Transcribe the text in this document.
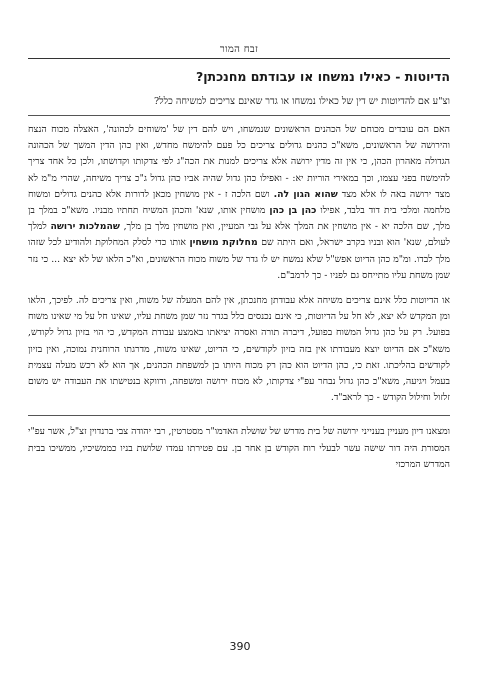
זבח המור
הדיוטות - כאילו נמשחו או עבודתם מחנכתן?

וצ"ע אם להדיוטות יש דין של כאילו נמשחו או גדר שאינם צריכים למשיחה כלל?

האם הם עובדים מכוחם של הכהנים הראשונים שנמשחו, ויש להם דין של 'משוחים לכהונה', האצלה מכוח הנצח והירושה של הראשונים, משא"כ כהנים גדולים צריכים כל פעם להימשח מחדש, ואין כהן הדין המשך של הכהונה הגדולה מאהרון הכהן, כי אין זה מדין ירושה אלא צריכים למנות את הכה"ג לפי צדקותו וקדושתו, ולכן כל אחד צריך להימשח בפני עצמו, וכך במאירי הוריות יא: - ואפילו כהן גדול שהיה אביו כהן גדול ג"כ צריך משיחה, שהרי מ"מ לא מצד ירושה באה לו אלא מצד שהוא הגון לה. ושם הלכה ז - אין מושחין מכאן לדורות אלא כהנים גדולים ומשוח מלחמה ומלכי בית דוד בלבד, אפילו כהן בן כהן מושחין אותו, שנא' והכהן המשיח תחתיו מבניו. משא"כ במלך בן מלך, שם הלכה יא - אין מושחין את המלך אלא על גבי המעיין, ואין מושחין מלך בן מלך, שהמלכות ירושה למלך לעולם, שנא' הוא ובניו בקרב ישראל, ואם היתה שם מחלוקת מושחין אותו כדי לסלק המחלוקת ולהודיע לכל שזהו מלך לבדו. ומ"מ כהן הדיוט אפש"ל שלא נמשח יש לו גדר של משוח מכוח הראשונים, וא"כ הלאו של לא יצא ... כי נזר שמן משחת עליו מתייחס גם לפניו - כך לרמב"ם.

או הדיוטות כלל אינם צריכים משיחה אלא עבודתן מחנכתן, אין להם המעלה של משוח, ואין צריכים לה. לפיכך, הלאו ומן המקדש לא יצא, לא חל על הדיוטות, כי אינם נכנסים כלל בגדר נזר שמן משחת עליו, שאינו חל על מי שאינו משוח בפועל. רק על כהן גדול המשוח בפועל, דיברה תורה ואסרה יציאתו באמצע עבודת המקדש, כי הוי בזיון גדול לקודש, משא"כ אם הדיוט יוצא מעבודתו אין בזה בזיון לקודשים, כי הדיוט, שאינו משוח, מדרגתו הרוחנית נמוכה, ואין בזיון לקודשים בהליכתו. זאת כי, כהן הדיוט הוא כהן רק מכוח היותו בן למשפחת הכהנים, אך הוא לא רכש מעלה עצמית בעמל ויגיעה, משא"כ כהן גדול נבחר עפ"י צדקותו, לא מכוח ירושה ומשפחה, ודווקא בנטישתו את העבודה יש משום זלזול וחילול הקודש - כך לראב"ד.

ומצאנו דיון מעניין בענייני ירושה של בית מדרש של שושלת האדמו"ר מסטרטין, רבי יהודה צבי ברנדוין זצ"ל, אשר עפ"י המסורת היה דור שישה עשר לבעלי רוח הקודש בן אחר בן. עם פטירתו עמדו שלושת בניו כממשיכיו, ממשיכו בבית המדרש המרכזי

390
